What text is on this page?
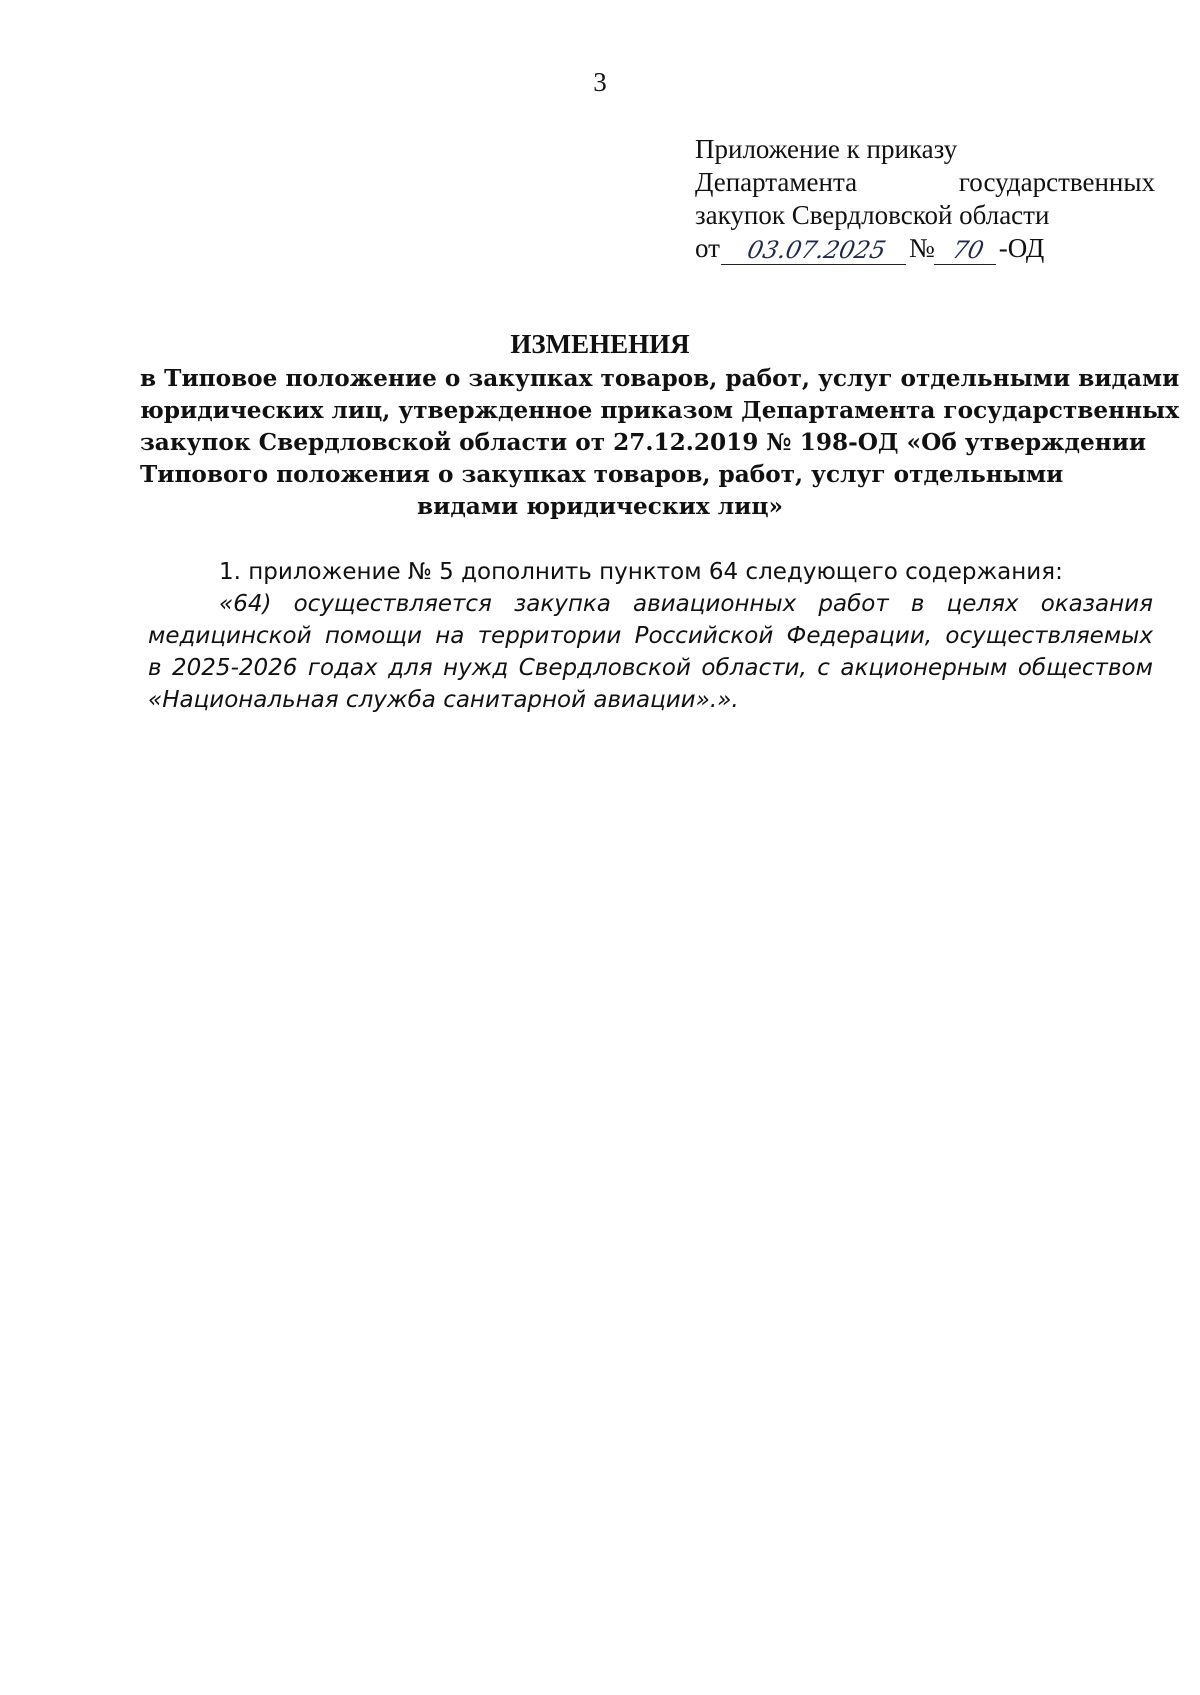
3
Приложение к приказу
Департамента	государственных
закупок Свердловской области
от	03.07.2025 № 70 -ОД
ИЗМЕНЕНИЯ
в Типовое положение о закупках товаров, работ, услуг отдельными видами
юридических лиц, утвержденное приказом Департамента государственных
закупок Свердловской области от 27.12.2019 № 198-ОД «Об утверждении
Типового положения о закупках товаров, работ, услуг отдельными
видами юридических лиц»
1. приложение № 5 дополнить пунктом 64 следующего содержания:
«64) осуществляется закупка авиационных работ в целях оказания
медицинской помощи на территории Российской Федерации, осуществляемых
в 2025-2026 годах для нужд Свердловской области, с акционерным обществом
«Национальная служба санитарной авиации».».
